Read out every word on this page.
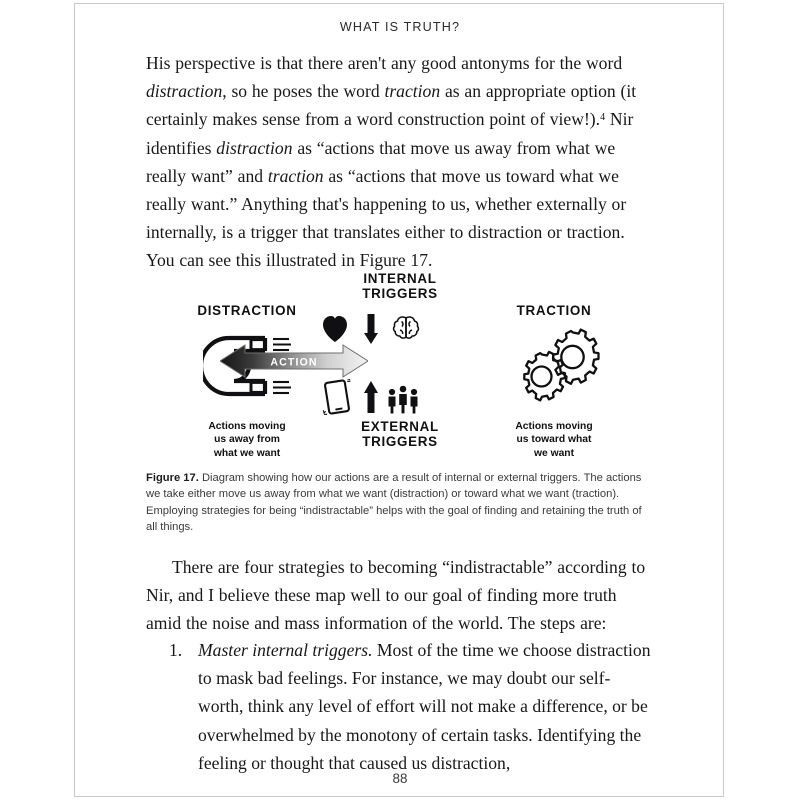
WHAT IS TRUTH?

His perspective is that there aren't any good antonyms for the word distraction, so he poses the word traction as an appropriate option (it certainly makes sense from a word construction point of view!).$^4$ Nir identifies distraction as “actions that move us away from what we really want” and traction as “actions that move us toward what we really want.” Anything that's happening to us, whether externally or internally, is a trigger that translates either to distraction or traction. You can see this illustrated in Figure 17.

DISTRACTION
Actions moving
us away from
what we want
INTERNAL
TRIGGERS
ACTION
EXTERNAL
TRIGGERS
TRACTION
Actions moving
us toward what
we want
Figure 17. Diagram showing how our actions are a result of internal or external triggers. The actions we take either move us away from what we want (distraction) or toward what we want (traction). Employing strategies for being “indistractable” helps with the goal of finding and retaining the truth of all things.

There are four strategies to becoming “indistractable” according to Nir, and I believe these map well to our goal of finding more truth amid the noise and mass information of the world. The steps are:

1. Master internal triggers. Most of the time we choose distraction to mask bad feelings. For instance, we may doubt our self-worth, think any level of effort will not make a difference, or be overwhelmed by the monotony of certain tasks. Identifying the feeling or thought that caused us distraction,
88
